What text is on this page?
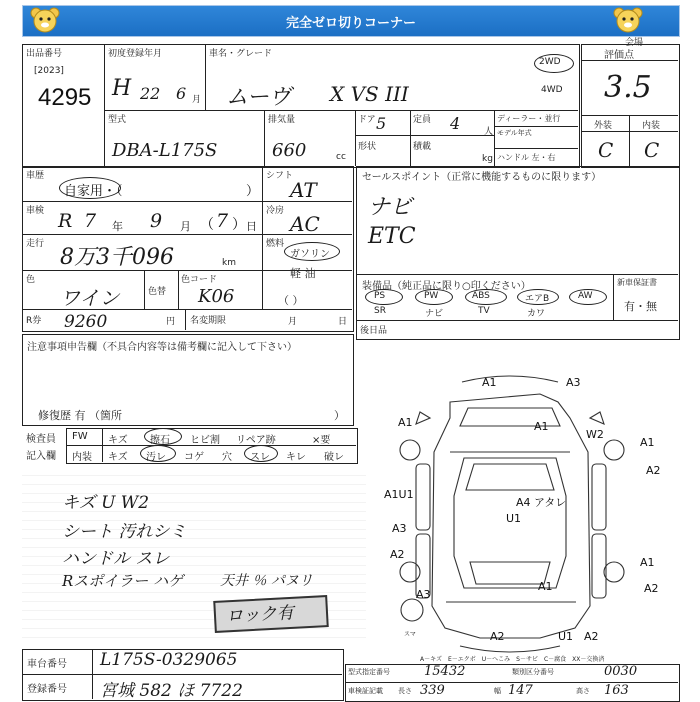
完全ゼロ切りコーナー
会場
出品番号
[2023]
4295
初度登録年月
H 22 6 月
車名・グレード
ムーヴ X VS III
2WD
4WD
型式
DBA-L175S
排気量
660	cc
ドア 5
形状
定員 4	人
積載
kg
ディーラー・並行
モデル年式
ハンドル 左・右
評価点
3.5
外装	内装
C C
車歴
自家用・（	）
シフト
AT
車検 R 7 年 9 月 （ 7 ） 日
冷房
AC
走行
8万3千096	km
燃料
ガソリン
軽 油
（ ）
色
ワイン	色替
色コード
K06
R券 9260	円 名変期限	月	日
セールスポイント（正常に機能するものに限ります）
ナビ
ETC
装備品（純正品に限り○印ください）
PS	PW	ABS	エアB	AW
SR	ナビ	TV	カワ
新車保証書
有・無
後日品
注意事項申告欄（不具合内容等は備考欄に記入して下さい）
修復歴 有 （箇所	）
検査員
記入欄
FW キズ 擦石 ヒビ割 リペア跡	×要
内装 キズ 汚レ コゲ 穴 スレ キレ 破レ
キズ U W2
シート 汚れシミ
ハンドル スレ
Rスポイラー ハゲ	天井 ％ パヌリ
ロック有
A1	A3
A1
A1
W2
A1
A2
A1U1
A4 アタレ
U1
A3
A2
A1
A3
A1
A2
A2	U1 A2
スマ
A－キズ　E－エクボ　U－へこみ　S－サビ　C－腐食　XX－交換済
車台番号 L175S-0329065
登録番号 宮城 582 ほ 7722
型式指定番号	15432	類別区分番号	0030
車検証記載 長さ 339	幅 147	高さ 163
